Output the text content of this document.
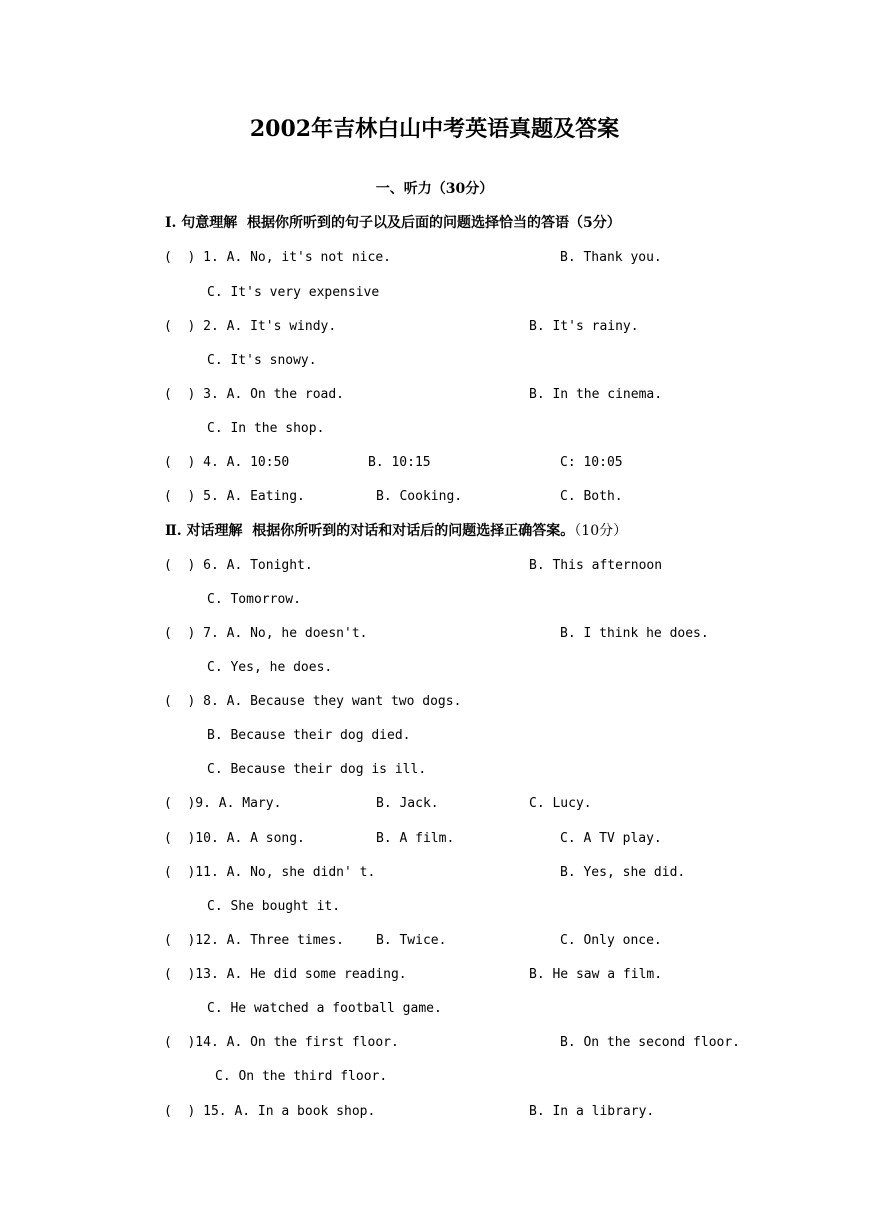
2002年吉林白山中考英语真题及答案
一、听力（30分）
Ⅰ. 句意理解  根据你所听到的句子以及后面的问题选择恰当的答语（5分）
(  ) 1. A. No, it's not nice.	B. Thank you.
C. It's very expensive
(  ) 2. A. It's windy.	B. It's rainy.
C. It's snowy.
(  ) 3. A. On the road.	B. In the cinema.
C. In the shop.
(  ) 4. A. 10:50	B. 10:15	C: 10:05
(  ) 5. A. Eating.	B. Cooking.	C. Both.
Ⅱ. 对话理解  根据你所听到的对话和对话后的问题选择正确答案。（10分）
(  ) 6. A. Tonight.	B. This afternoon
C. Tomorrow.
(  ) 7. A. No, he doesn't.	B. I think he does.
C. Yes, he does.
(  ) 8. A. Because they want two dogs.
B. Because their dog died.
C. Because their dog is ill.
(  )9. A. Mary.	B. Jack.	C. Lucy.
(  )10. A. A song.	B. A film.	C. A TV play.
(  )11. A. No, she didn' t.	B. Yes, she did.
C. She bought it.
(  )12. A. Three times. B. Twice.	C. Only once.
(  )13. A. He did some reading.	B. He saw a film.
C. He watched a football game.
(  )14. A. On the first floor.	B. On the second floor.
C. On the third floor.
(  ) 15. A. In a book shop.	B. In a library.
